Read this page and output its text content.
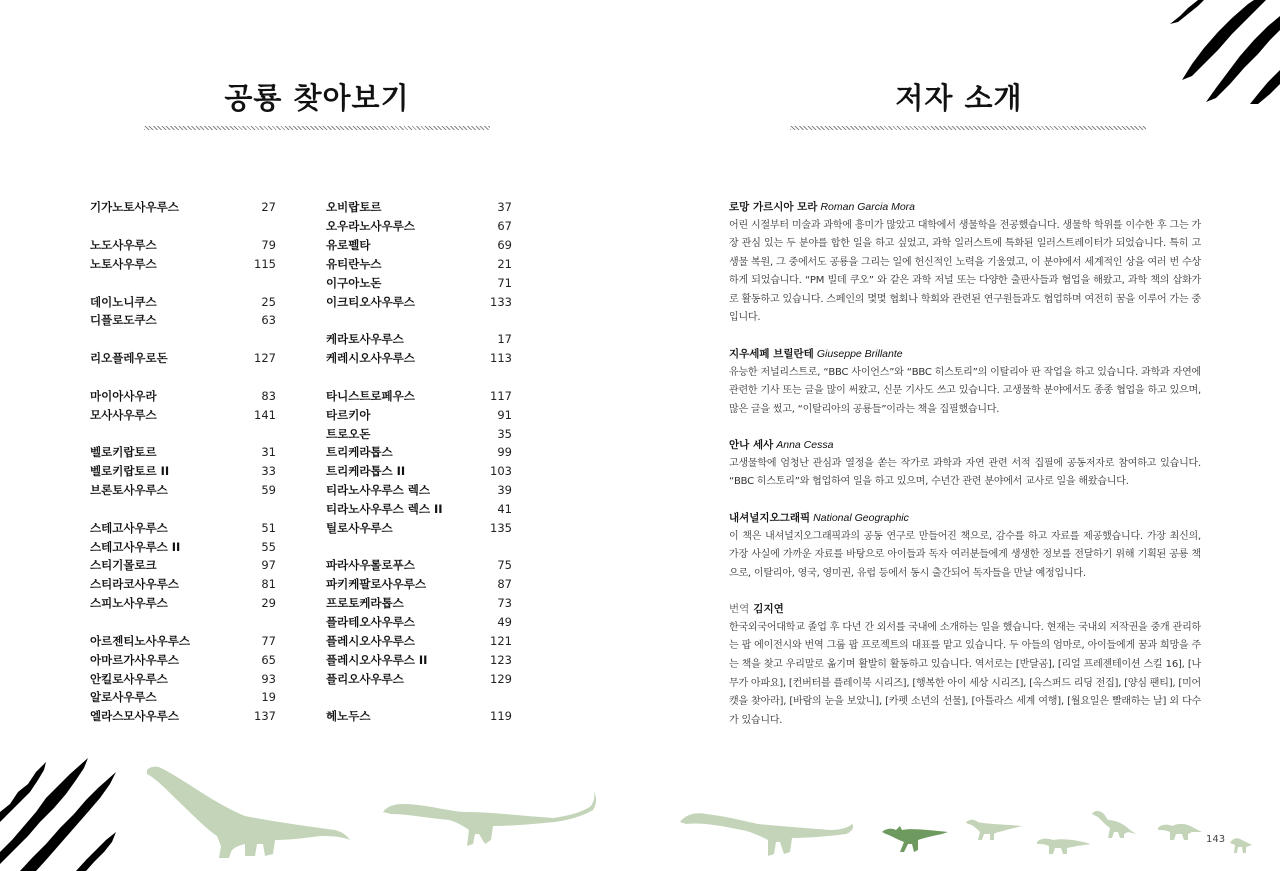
공룡 찾아보기
기가노토사우루스	27
노도사우루스	79
노토사우루스	115
데이노니쿠스	25
디플로도쿠스	63
리오플레우로돈	127
마이아사우라	83
모사사우루스	141
벨로키랍토르	31
벨로키랍토르 II	33
브론토사우루스	59
스테고사우루스	51
스테고사우루스 II	55
스티기몰로크	97
스티라코사우루스	81
스피노사우루스	29
아르젠티노사우루스	77
아마르가사우루스	65
안킬로사우루스	93
알로사우루스	19
엘라스모사우루스	137
오비랍토르	37
오우라노사우루스	67
유로펠타	69
유티란누스	21
이구아노돈	71
이크티오사우루스	133
케라토사우루스	17
케레시오사우루스	113
타니스트로페우스	117
타르키아	91
트로오돈	35
트리케라톱스	99
트리케라톱스 II	103
티라노사우루스 렉스	39
티라노사우루스 렉스 II	41
틸로사우루스	135
파라사우롤로푸스	75
파키케팔로사우루스	87
프로토케라톱스	73
플라테오사우루스	49
플레시오사우루스	121
플레시오사우루스 II	123
플리오사우루스	129
헤노두스	119
저자 소개
로망 가르시아 모라 Roman Garcia Mora
어린 시절부터 미술과 과학에 흥미가 많았고 대학에서 생물학을 전공했습니다. 생물학 학위를 이수한 후 그는 가장 관심 있는 두 분야를 합한 일을 하고 싶었고, 과학 일러스트에 특화된 일러스트레이터가 되었습니다. 특히 고생물 복원, 그 중에서도 공룡을 그리는 일에 헌신적인 노력을 기울였고, 이 분야에서 세계적인 상을 여러 번 수상하게 되었습니다. “PM 빌데 쿠오” 와 같은 과학 저널 또는 다양한 출판사들과 협업을 해왔고, 과학 책의 삽화가로 활동하고 있습니다. 스페인의 몇몇 협회나 학회와 관련된 연구원들과도 협업하며 여전히 꿈을 이루어 가는 중입니다.
지우세페 브릴란테 Giuseppe Brillante
유능한 저널리스트로, “BBC 사이언스”와 “BBC 히스토리”의 이탈리아 판 작업을 하고 있습니다. 과학과 자연에 관련한 기사 또는 글을 많이 써왔고, 신문 기사도 쓰고 있습니다. 고생물학 분야에서도 종종 협업을 하고 있으며, 많은 글을 썼고, “이탈리아의 공룡들”이라는 책을 집필했습니다.
안나 세사 Anna Cessa
고생물학에 엄청난 관심과 열정을 쏟는 작가로 과학과 자연 관련 서적 집필에 공동저자로 참여하고 있습니다. “BBC 히스토리”와 협업하여 일을 하고 있으며, 수년간 관련 분야에서 교사로 일을 해왔습니다.
내셔널지오그래픽 National Geographic
이 책은 내셔널지오그래픽과의 공동 연구로 만들어진 책으로, 감수를 하고 자료를 제공했습니다. 가장 최신의, 가장 사실에 가까운 자료를 바탕으로 아이들과 독자 여러분들에게 생생한 정보를 전달하기 위해 기획된 공룡 책으로, 이탈리아, 영국, 영미권, 유럽 등에서 동시 출간되어 독자들을 만날 예정입니다.
번역 김지연
한국외국어대학교 졸업 후 다년 간 외서를 국내에 소개하는 일을 했습니다. 현재는 국내외 저작권을 중개 관리하는 팝 에이전시와 번역 그룹 팝 프로젝트의 대표를 맡고 있습니다. 두 아들의 엄마로, 아이들에게 꿈과 희망을 주는 책을 찾고 우리말로 옮기며 활발히 활동하고 있습니다. 역서로는 [반달곰], [리얼 프레젠테이션 스킬 16], [나무가 아파요], [컨버터블 플레이북 시리즈], [행복한 아이 세상 시리즈], [옥스퍼드 리딩 전집], [양심 팬티], [미어캣을 찾아라], [바람의 눈을 보았니], [카펫 소년의 선물], [아틀라스 세계 여행], [월요일은 빨래하는 날] 외 다수가 있습니다.
143
